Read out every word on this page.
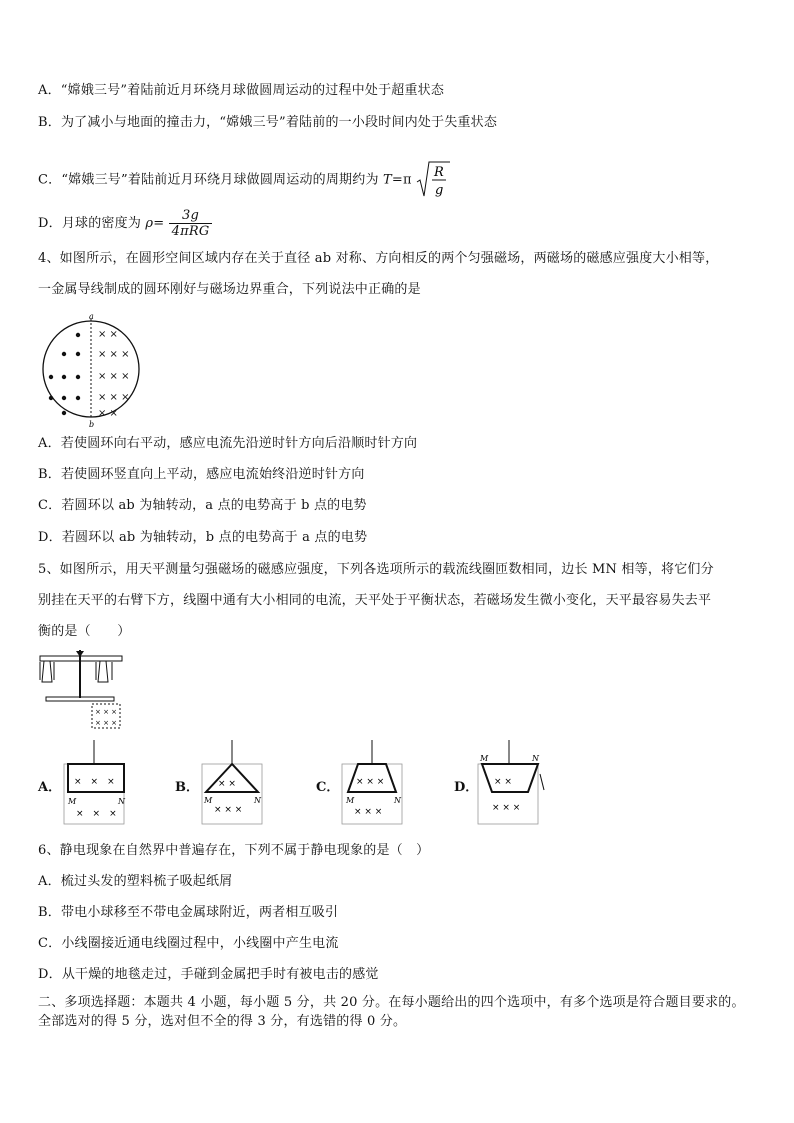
A．“嫦娥三号”着陆前近月环绕月球做圆周运动的过程中处于超重状态
B．为了减小与地面的撞击力，“嫦娥三号”着陆前的一小段时间内处于失重状态
C．“嫦娥三号”着陆前近月环绕月球做圆周运动的周期约为 T=π R
g
D．月球的密度为 $\rho= \frac{3g}{\text{4πRG}}$
4、如图所示，在圆形空间区域内存在关于直径 ab 对称、方向相反的两个匀强磁场，两磁场的磁感应强度大小相等，
一金属导线制成的圆环刚好与磁场边界重合，下列说法中正确的是
a
b
× ×
× × ×
× × ×
× × ×
× ×
A．若使圆环向右平动，感应电流先沿逆时针方向后沿顺时针方向
B．若使圆环竖直向上平动，感应电流始终沿逆时针方向
C．若圆环以 ab 为轴转动，a 点的电势高于 b 点的电势
D．若圆环以 ab 为轴转动，b 点的电势高于 a 点的电势
5、如图所示，用天平测量匀强磁场的磁感应强度，下列各选项所示的载流线圈匝数相同，边长 MN 相等，将它们分
别挂在天平的右臂下方，线圈中通有大小相同的电流，天平处于平衡状态，若磁场发生微小变化，天平最容易失去平
衡的是（　　）
× × ×
× × ×
A． ×　×　×
M	N
×　×　×
B． × ×
M	N
× × ×
C． × × ×
M	N
× × ×
D．
M	N
× ×
× × ×
6、静电现象在自然界中普遍存在，下列不属于静电现象的是（　）
A．梳过头发的塑料梳子吸起纸屑
B．带电小球移至不带电金属球附近，两者相互吸引
C．小线圈接近通电线圈过程中，小线圈中产生电流
D．从干燥的地毯走过，手碰到金属把手时有被电击的感觉
二、多项选择题：本题共 4 小题，每小题 5 分，共 20 分。在每小题给出的四个选项中，有多个选项是符合题目要求的。
全部选对的得 5 分，选对但不全的得 3 分，有选错的得 0 分。
